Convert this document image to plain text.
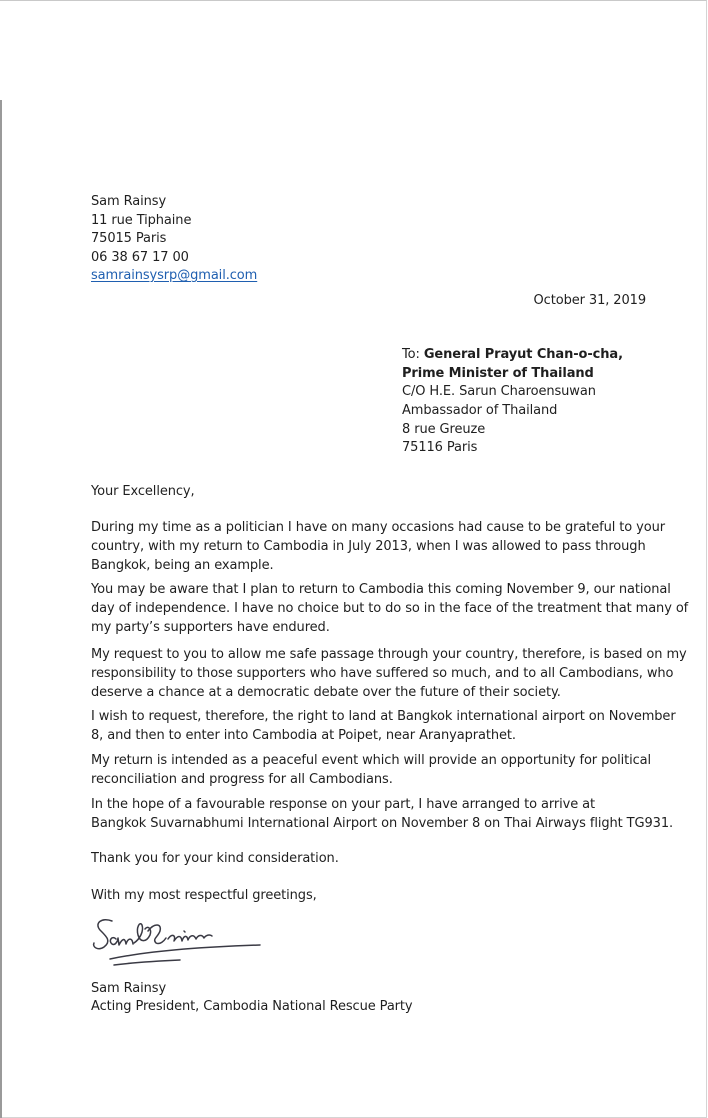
Sam Rainsy
11 rue Tiphaine
75015 Paris
06 38 67 17 00
samrainsysrp@gmail.com
October 31, 2019
To: General Prayut Chan-o-cha,
Prime Minister of Thailand
C/O H.E. Sarun Charoensuwan
Ambassador of Thailand
8 rue Greuze
75116 Paris
Your Excellency,
During my time as a politician I have on many occasions had cause to be grateful to your
country, with my return to Cambodia in July 2013, when I was allowed to pass through
Bangkok, being an example.
You may be aware that I plan to return to Cambodia this coming November 9, our national
day of independence. I have no choice but to do so in the face of the treatment that many of
my party’s supporters have endured.
My request to you to allow me safe passage through your country, therefore, is based on my
responsibility to those supporters who have suffered so much, and to all Cambodians, who
deserve a chance at a democratic debate over the future of their society.
I wish to request, therefore, the right to land at Bangkok international airport on November
8, and then to enter into Cambodia at Poipet, near Aranyaprathet.
My return is intended as a peaceful event which will provide an opportunity for political
reconciliation and progress for all Cambodians.
In the hope of a favourable response on your part, I have arranged to arrive at
Bangkok Suvarnabhumi International Airport on November 8 on Thai Airways flight TG931.
Thank you for your kind consideration.
With my most respectful greetings,
Sam Rainsy
Acting President, Cambodia National Rescue Party
